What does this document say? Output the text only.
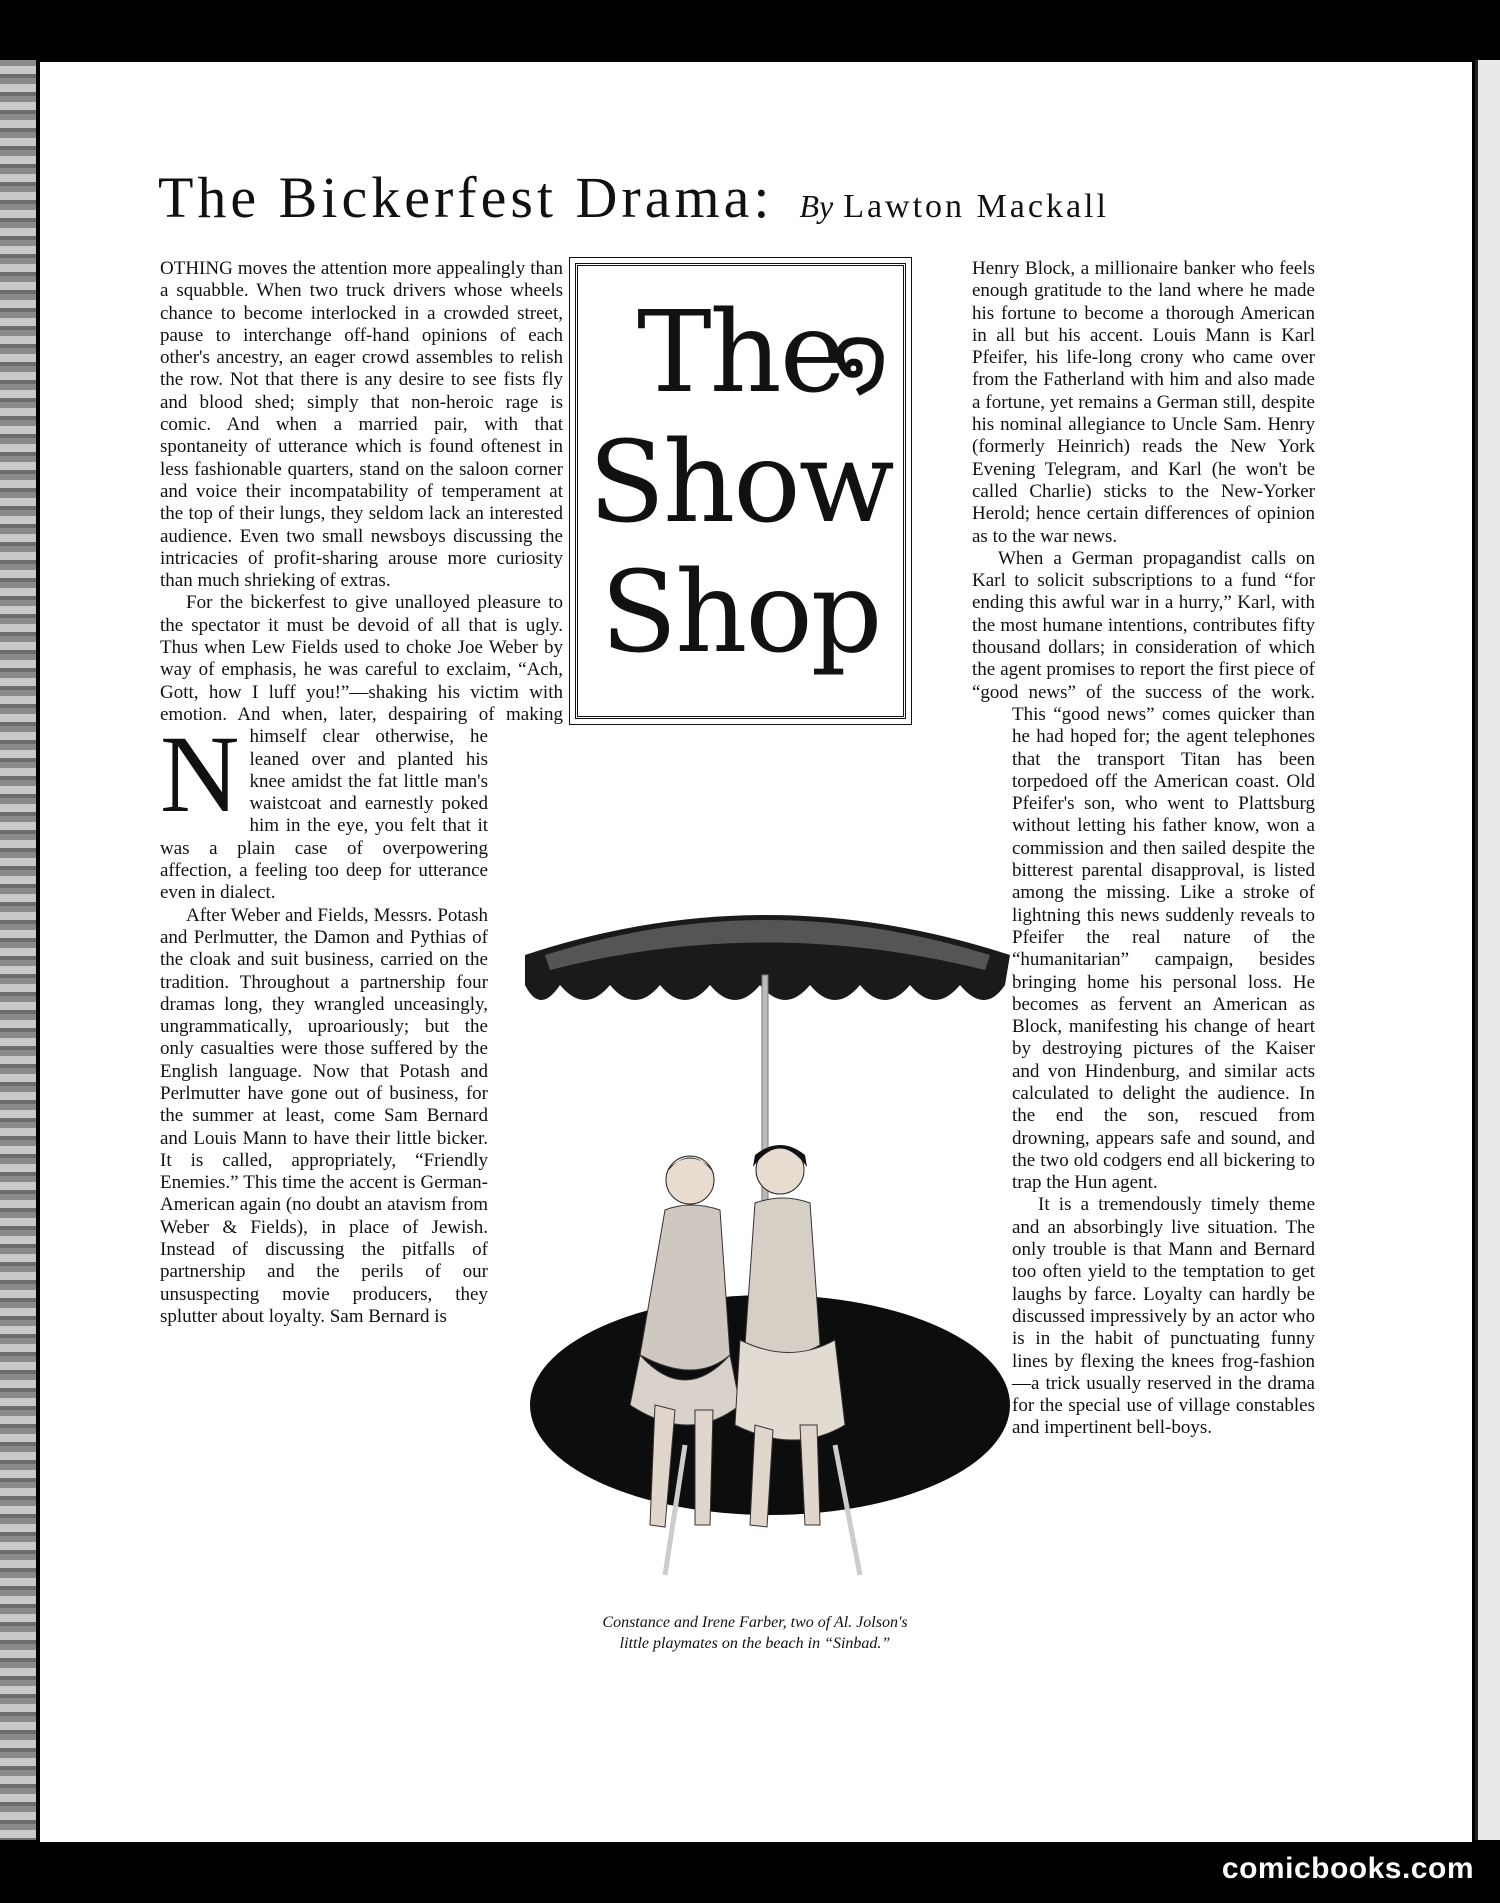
The Bickerfest Drama: By Lawton Mackall

N
OTHING moves the attention more appealingly than a squabble. When two truck drivers whose wheels chance to become interlocked in a crowded street, pause to interchange off-hand opinions of each other's ancestry, an eager crowd assembles to relish the row. Not that there is any desire to see fists fly and blood shed; simply that non-heroic rage is comic. And when a married pair, with that spontaneity of utterance which is found oftenest in less fashionable quarters, stand on the saloon corner and voice their incompatability of temperament at the top of their lungs, they seldom lack an interested audience. Even two small newsboys discussing the intricacies of profit-sharing arouse more curiosity than much shrieking of extras.

For the bickerfest to give unalloyed pleasure to the spectator it must be devoid of all that is ugly. Thus when Lew Fields used to choke Joe Weber by way of emphasis, he was careful to exclaim, “Ach, Gott, how I luff you!”—shaking his victim with emotion. And when, later, despairing of making himself clear otherwise, he leaned over and planted his knee amidst the fat little man's waistcoat and earnestly poked him in the eye, you felt that it was a plain case of overpowering affection, a feeling too deep for utterance even in dialect.

After Weber and Fields, Messrs. Potash and Perlmutter, the Damon and Pythias of the cloak and suit business, carried on the tradition. Throughout a partnership four dramas long, they wrangled unceasingly, ungrammatically, uproariously; but the only casualties were those suffered by the English language. Now that Potash and Perlmutter have gone out of business, for the summer at least, come Sam Bernard and Louis Mann to have their little bicker. It is called, appropriately, “Friendly Enemies.” This time the accent is German-American again (no doubt an atavism from Weber & Fields), in place of Jewish. Instead of discussing the pitfalls of partnership and the perils of our unsuspecting movie producers, they splutter about loyalty. Sam Bernard is

Henry Block, a millionaire banker who feels enough gratitude to the land where he made his fortune to become a thorough American in all but his accent. Louis Mann is Karl Pfeifer, his life-long crony who came over from the Fatherland with him and also made a fortune, yet remains a German still, despite his nominal allegiance to Uncle Sam. Henry (formerly Heinrich) reads the New York Evening Telegram, and Karl (he won't be called Charlie) sticks to the New-Yorker Herold; hence certain differences of opinion as to the war news.

When a German propagandist calls on Karl to solicit subscriptions to a fund “for ending this awful war in a hurry,” Karl, with the most humane intentions, contributes fifty thousand dollars; in consideration of which the agent promises to report the first piece of “good news” of the success of the work. This “good news” comes quicker than he had hoped for; the agent telephones that the transport Titan has been torpedoed off the American coast. Old Pfeifer's son, who went to Plattsburg without letting his father know, won a commission and then sailed despite the bitterest parental disapproval, is listed among the missing. Like a stroke of lightning this news suddenly reveals to Pfeifer the real nature of the “humanitarian” campaign, besides bringing home his personal loss. He becomes as fervent an American as Block, manifesting his change of heart by destroying pictures of the Kaiser and von Hindenburg, and similar acts calculated to delight the audience. In the end the son, rescued from drowning, appears safe and sound, and the two old codgers end all bickering to trap the Hun agent.

It is a tremendously timely theme and an absorbingly live situation. The only trouble is that Mann and Bernard too often yield to the temptation to get laughs by farce. Loyalty can hardly be discussed impressively by an actor who is in the habit of punctuating funny lines by flexing the knees frog-fashion—a trick usually reserved in the drama for the special use of village constables and impertinent bell-boys.

໑
The
Show
Shop
Constance and Irene Farber, two of Al. Jolson's
little playmates on the beach in “Sinbad.”
comicbooks.com
